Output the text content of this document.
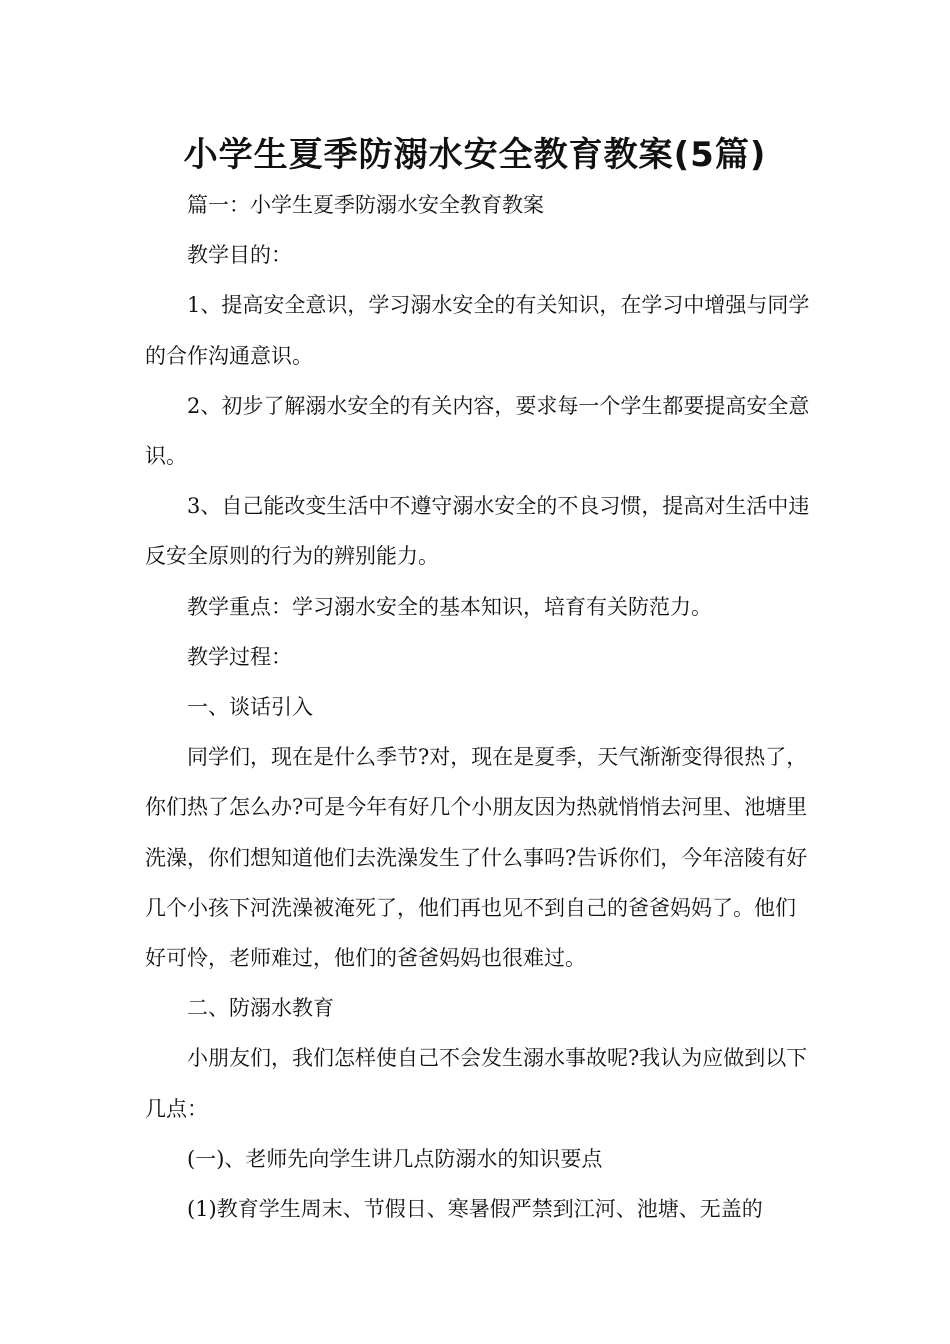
小学生夏季防溺水安全教育教案(5篇)

篇一：小学生夏季防溺水安全教育教案

教学目的：

1、提高安全意识，学习溺水安全的有关知识，在学习中增强与同学的合作沟通意识。

2、初步了解溺水安全的有关内容，要求每一个学生都要提高安全意识。

3、自己能改变生活中不遵守溺水安全的不良习惯，提高对生活中违反安全原则的行为的辨别能力。

教学重点：学习溺水安全的基本知识，培育有关防范力。

教学过程：

一、谈话引入

同学们，现在是什么季节?对，现在是夏季，天气渐渐变得很热了，你们热了怎么办?可是今年有好几个小朋友因为热就悄悄去河里、池塘里洗澡，你们想知道他们去洗澡发生了什么事吗?告诉你们，今年涪陵有好几个小孩下河洗澡被淹死了，他们再也见不到自己的爸爸妈妈了。他们好可怜，老师难过，他们的爸爸妈妈也很难过。

二、防溺水教育

小朋友们，我们怎样使自己不会发生溺水事故呢?我认为应做到以下几点：

(一)、老师先向学生讲几点防溺水的知识要点

(1)教育学生周末、节假日、寒暑假严禁到江河、池塘、无盖的
